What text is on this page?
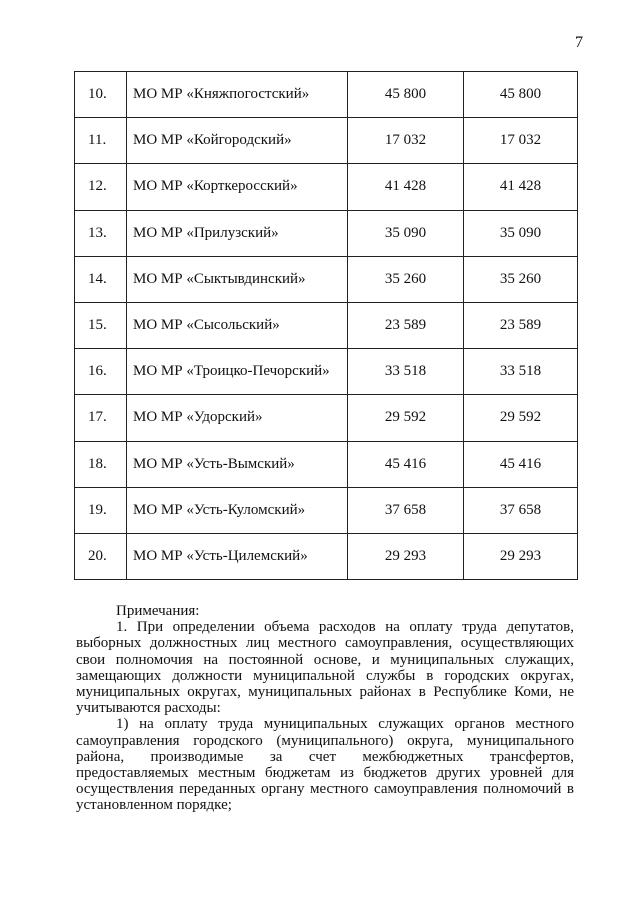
7
10.	МО МР «Княжпогостский»	45 800	45 800
11.	МО МР «Койгородский»	17 032	17 032
12.	МО МР «Корткеросский»	41 428	41 428
13.	МО МР «Прилузский»	35 090	35 090
14.	МО МР «Сыктывдинский»	35 260	35 260
15.	МО МР «Сысольский»	23 589	23 589
16.	МО МР «Троицко-Печорский»	33 518	33 518
17.	МО МР «Удорский»	29 592	29 592
18.	МО МР «Усть-Вымский»	45 416	45 416
19.	МО МР «Усть-Куломский»	37 658	37 658
20.	МО МР «Усть-Цилемский»	29 293	29 293

Примечания:

1. При определении объема расходов на оплату труда депутатов, выборных должностных лиц местного самоуправления, осуществляющих свои полномочия на постоянной основе, и муниципальных служащих, замещающих должности муниципальной службы в городских округах, муниципальных округах, муниципальных районах в Республике Коми, не учитываются расходы:

1) на оплату труда муниципальных служащих органов местного самоуправления городского (муниципального) округа, муниципального района, производимые за счет межбюджетных трансфертов, предоставляемых местным бюджетам из бюджетов других уровней для осуществления переданных органу местного самоуправления полномочий в установленном порядке;
